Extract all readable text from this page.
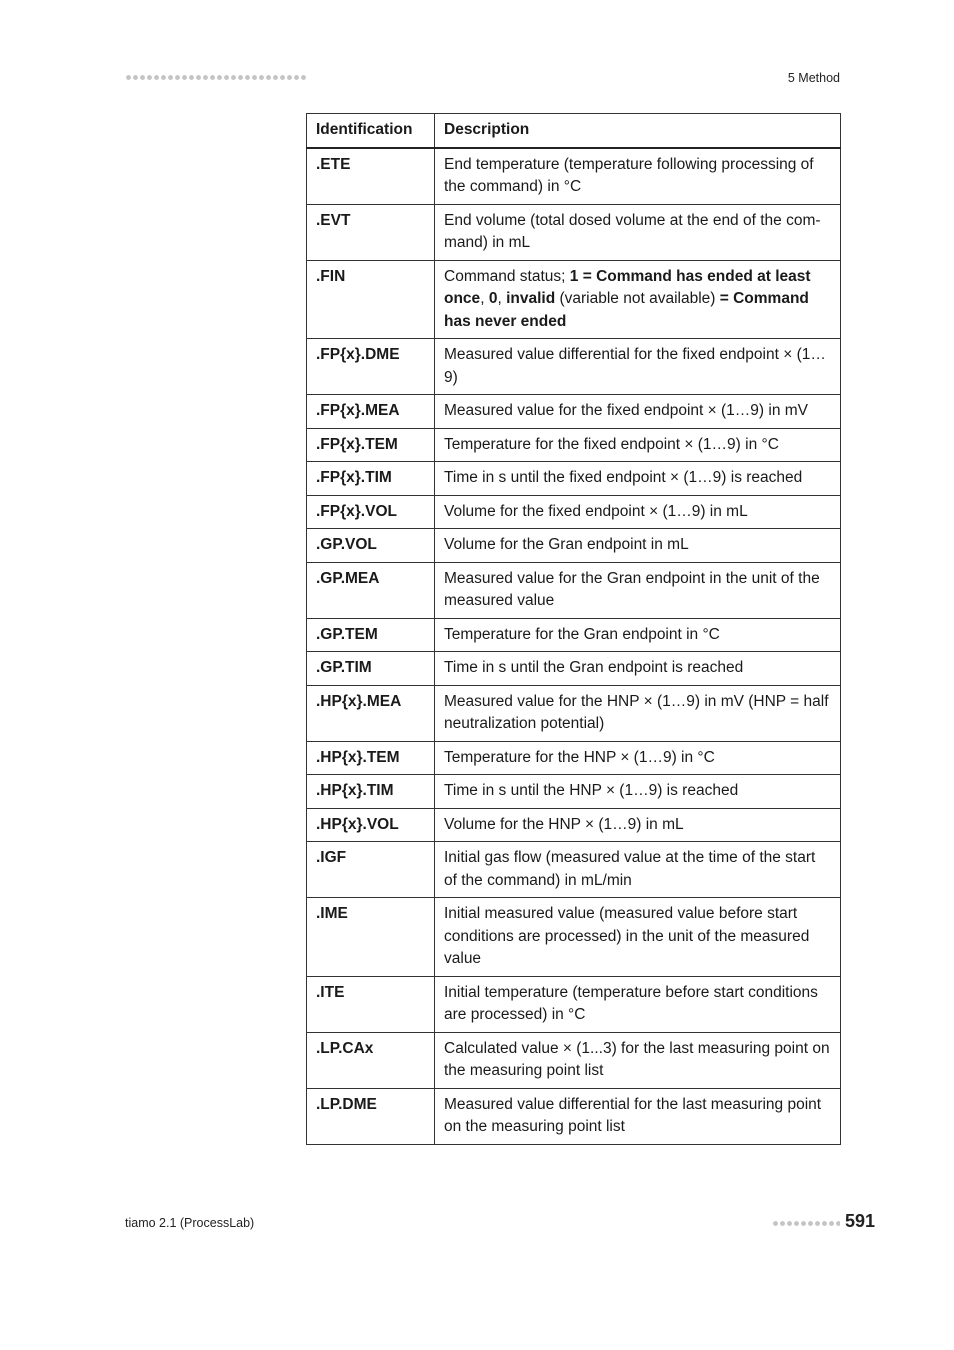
5 Method
Identification	Description
.ETE	End temperature (temperature following processing of the command) in °C
.EVT	End volume (total dosed volume at the end of the com- mand) in mL
.FIN	Command status; 1 = Command has ended at least once, 0, invalid (variable not available) = Command has never ended
.FP{x}.DME	Measured value differential for the fixed endpoint × (1…9)
.FP{x}.MEA	Measured value for the fixed endpoint × (1…9) in mV
.FP{x}.TEM	Temperature for the fixed endpoint × (1…9) in °C
.FP{x}.TIM	Time in s until the fixed endpoint × (1…9) is reached
.FP{x}.VOL	Volume for the fixed endpoint × (1…9) in mL
.GP.VOL	Volume for the Gran endpoint in mL
.GP.MEA	Measured value for the Gran endpoint in the unit of the measured value
.GP.TEM	Temperature for the Gran endpoint in °C
.GP.TIM	Time in s until the Gran endpoint is reached
.HP{x}.MEA	Measured value for the HNP × (1…9) in mV (HNP = half neutralization potential)
.HP{x}.TEM	Temperature for the HNP × (1…9) in °C
.HP{x}.TIM	Time in s until the HNP × (1…9) is reached
.HP{x}.VOL	Volume for the HNP × (1…9) in mL
.IGF	Initial gas flow (measured value at the time of the start of the command) in mL/min
.IME	Initial measured value (measured value before start conditions are processed) in the unit of the measured value
.ITE	Initial temperature (temperature before start conditions are processed) in °C
.LP.CAx	Calculated value × (1...3) for the last measuring point on the measuring point list
.LP.DME	Measured value differential for the last measuring point on the measuring point list
tiamo 2.1 (ProcessLab)	591
